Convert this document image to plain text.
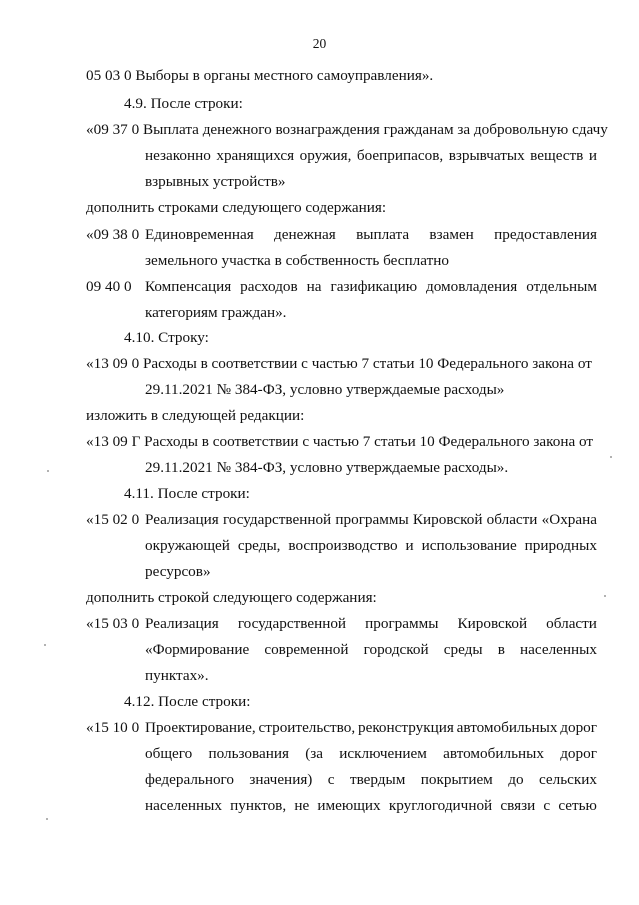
20
05 03 0 Выборы в органы местного самоуправления».
4.9. После строки:
«09 37 0 Выплата денежного вознаграждения гражданам за добровольную сдачу
незаконно хранящихся оружия, боеприпасов, взрывчатых веществ и
взрывных устройств»
дополнить строками следующего содержания:
«09 38 0 Единовременная денежная выплата взамен предоставления
земельного участка в собственность бесплатно
09 40 0 Компенсация расходов на газификацию домовладения отдельным
категориям граждан».
4.10. Строку:
«13 09 0 Расходы в соответствии с частью 7 статьи 10 Федерального закона от
29.11.2021 № 384-ФЗ, условно утверждаемые расходы»
изложить в следующей редакции:
«13 09 Г Расходы в соответствии с частью 7 статьи 10 Федерального закона от
29.11.2021 № 384-ФЗ, условно утверждаемые расходы».
4.11. После строки:
«15 02 0 Реализация государственной программы Кировской области «Охрана
окружающей среды, воспроизводство и использование природных
ресурсов»
дополнить строкой следующего содержания:
«15 03 0 Реализация государственной программы Кировской области
«Формирование современной городской среды в населенных
пунктах».
4.12. После строки:
«15 10 0 Проектирование, строительство, реконструкция автомобильных дорог
общего пользования (за исключением автомобильных дорог
федерального значения) с твердым покрытием до сельских
населенных пунктов, не имеющих круглогодичной связи с сетью
